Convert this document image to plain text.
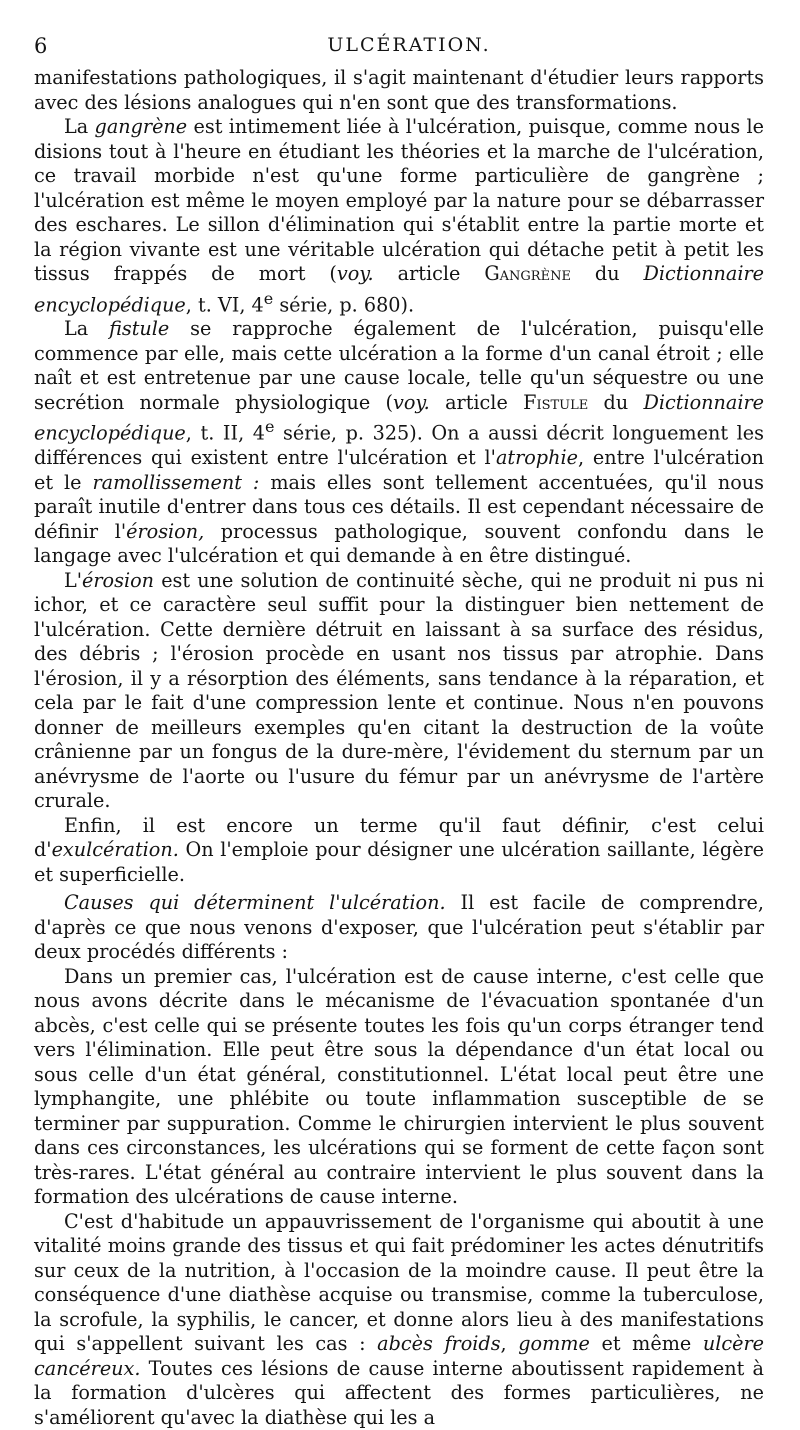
6	ULCÉRATION.

manifestations pathologiques, il s'agit maintenant d'étudier leurs rapports avec des lésions analogues qui n'en sont que des transformations.

La gangrène est intimement liée à l'ulcération, puisque, comme nous le disions tout à l'heure en étudiant les théories et la marche de l'ulcération, ce travail morbide n'est qu'une forme particulière de gangrène ; l'ulcération est même le moyen employé par la nature pour se débarrasser des eschares. Le sillon d'élimination qui s'établit entre la partie morte et la région vivante est une véritable ulcération qui détache petit à petit les tissus frappés de mort (voy. article Gangrène du Dictionnaire encyclopédique, t. VI, 4e série, p. 680).

La fistule se rapproche également de l'ulcération, puisqu'elle commence par elle, mais cette ulcération a la forme d'un canal étroit ; elle naît et est entretenue par une cause locale, telle qu'un séquestre ou une secrétion normale physiologique (voy. article Fistule du Dictionnaire encyclopédique, t. II, 4e série, p. 325). On a aussi décrit longuement les différences qui existent entre l'ulcération et l'atrophie, entre l'ulcération et le ramollissement : mais elles sont tellement accentuées, qu'il nous paraît inutile d'entrer dans tous ces détails. Il est cependant nécessaire de définir l'érosion, processus pathologique, souvent confondu dans le langage avec l'ulcération et qui demande à en être distingué.

L'érosion est une solution de continuité sèche, qui ne produit ni pus ni ichor, et ce caractère seul suffit pour la distinguer bien nettement de l'ulcération. Cette dernière détruit en laissant à sa surface des résidus, des débris ; l'érosion procède en usant nos tissus par atrophie. Dans l'érosion, il y a résorption des éléments, sans tendance à la réparation, et cela par le fait d'une compression lente et continue. Nous n'en pouvons donner de meilleurs exemples qu'en citant la destruction de la voûte crânienne par un fongus de la dure-mère, l'évidement du sternum par un anévrysme de l'aorte ou l'usure du fémur par un anévrysme de l'artère crurale.

Enfin, il est encore un terme qu'il faut définir, c'est celui d'exulcération. On l'emploie pour désigner une ulcération saillante, légère et superficielle.

Causes qui déterminent l'ulcération. Il est facile de comprendre, d'après ce que nous venons d'exposer, que l'ulcération peut s'établir par deux procédés différents :

Dans un premier cas, l'ulcération est de cause interne, c'est celle que nous avons décrite dans le mécanisme de l'évacuation spontanée d'un abcès, c'est celle qui se présente toutes les fois qu'un corps étranger tend vers l'élimination. Elle peut être sous la dépendance d'un état local ou sous celle d'un état général, constitutionnel. L'état local peut être une lymphangite, une phlébite ou toute inflammation susceptible de se terminer par suppuration. Comme le chirurgien intervient le plus souvent dans ces circonstances, les ulcérations qui se forment de cette façon sont très-rares. L'état général au contraire intervient le plus souvent dans la formation des ulcérations de cause interne.

C'est d'habitude un appauvrissement de l'organisme qui aboutit à une vitalité moins grande des tissus et qui fait prédominer les actes dénutritifs sur ceux de la nutrition, à l'occasion de la moindre cause. Il peut être la conséquence d'une diathèse acquise ou transmise, comme la tuberculose, la scrofule, la syphilis, le cancer, et donne alors lieu à des manifestations qui s'appellent suivant les cas : abcès froids, gomme et même ulcère cancéreux. Toutes ces lésions de cause interne aboutissent rapidement à la formation d'ulcères qui affectent des formes particulières, ne s'améliorent qu'avec la diathèse qui les a
